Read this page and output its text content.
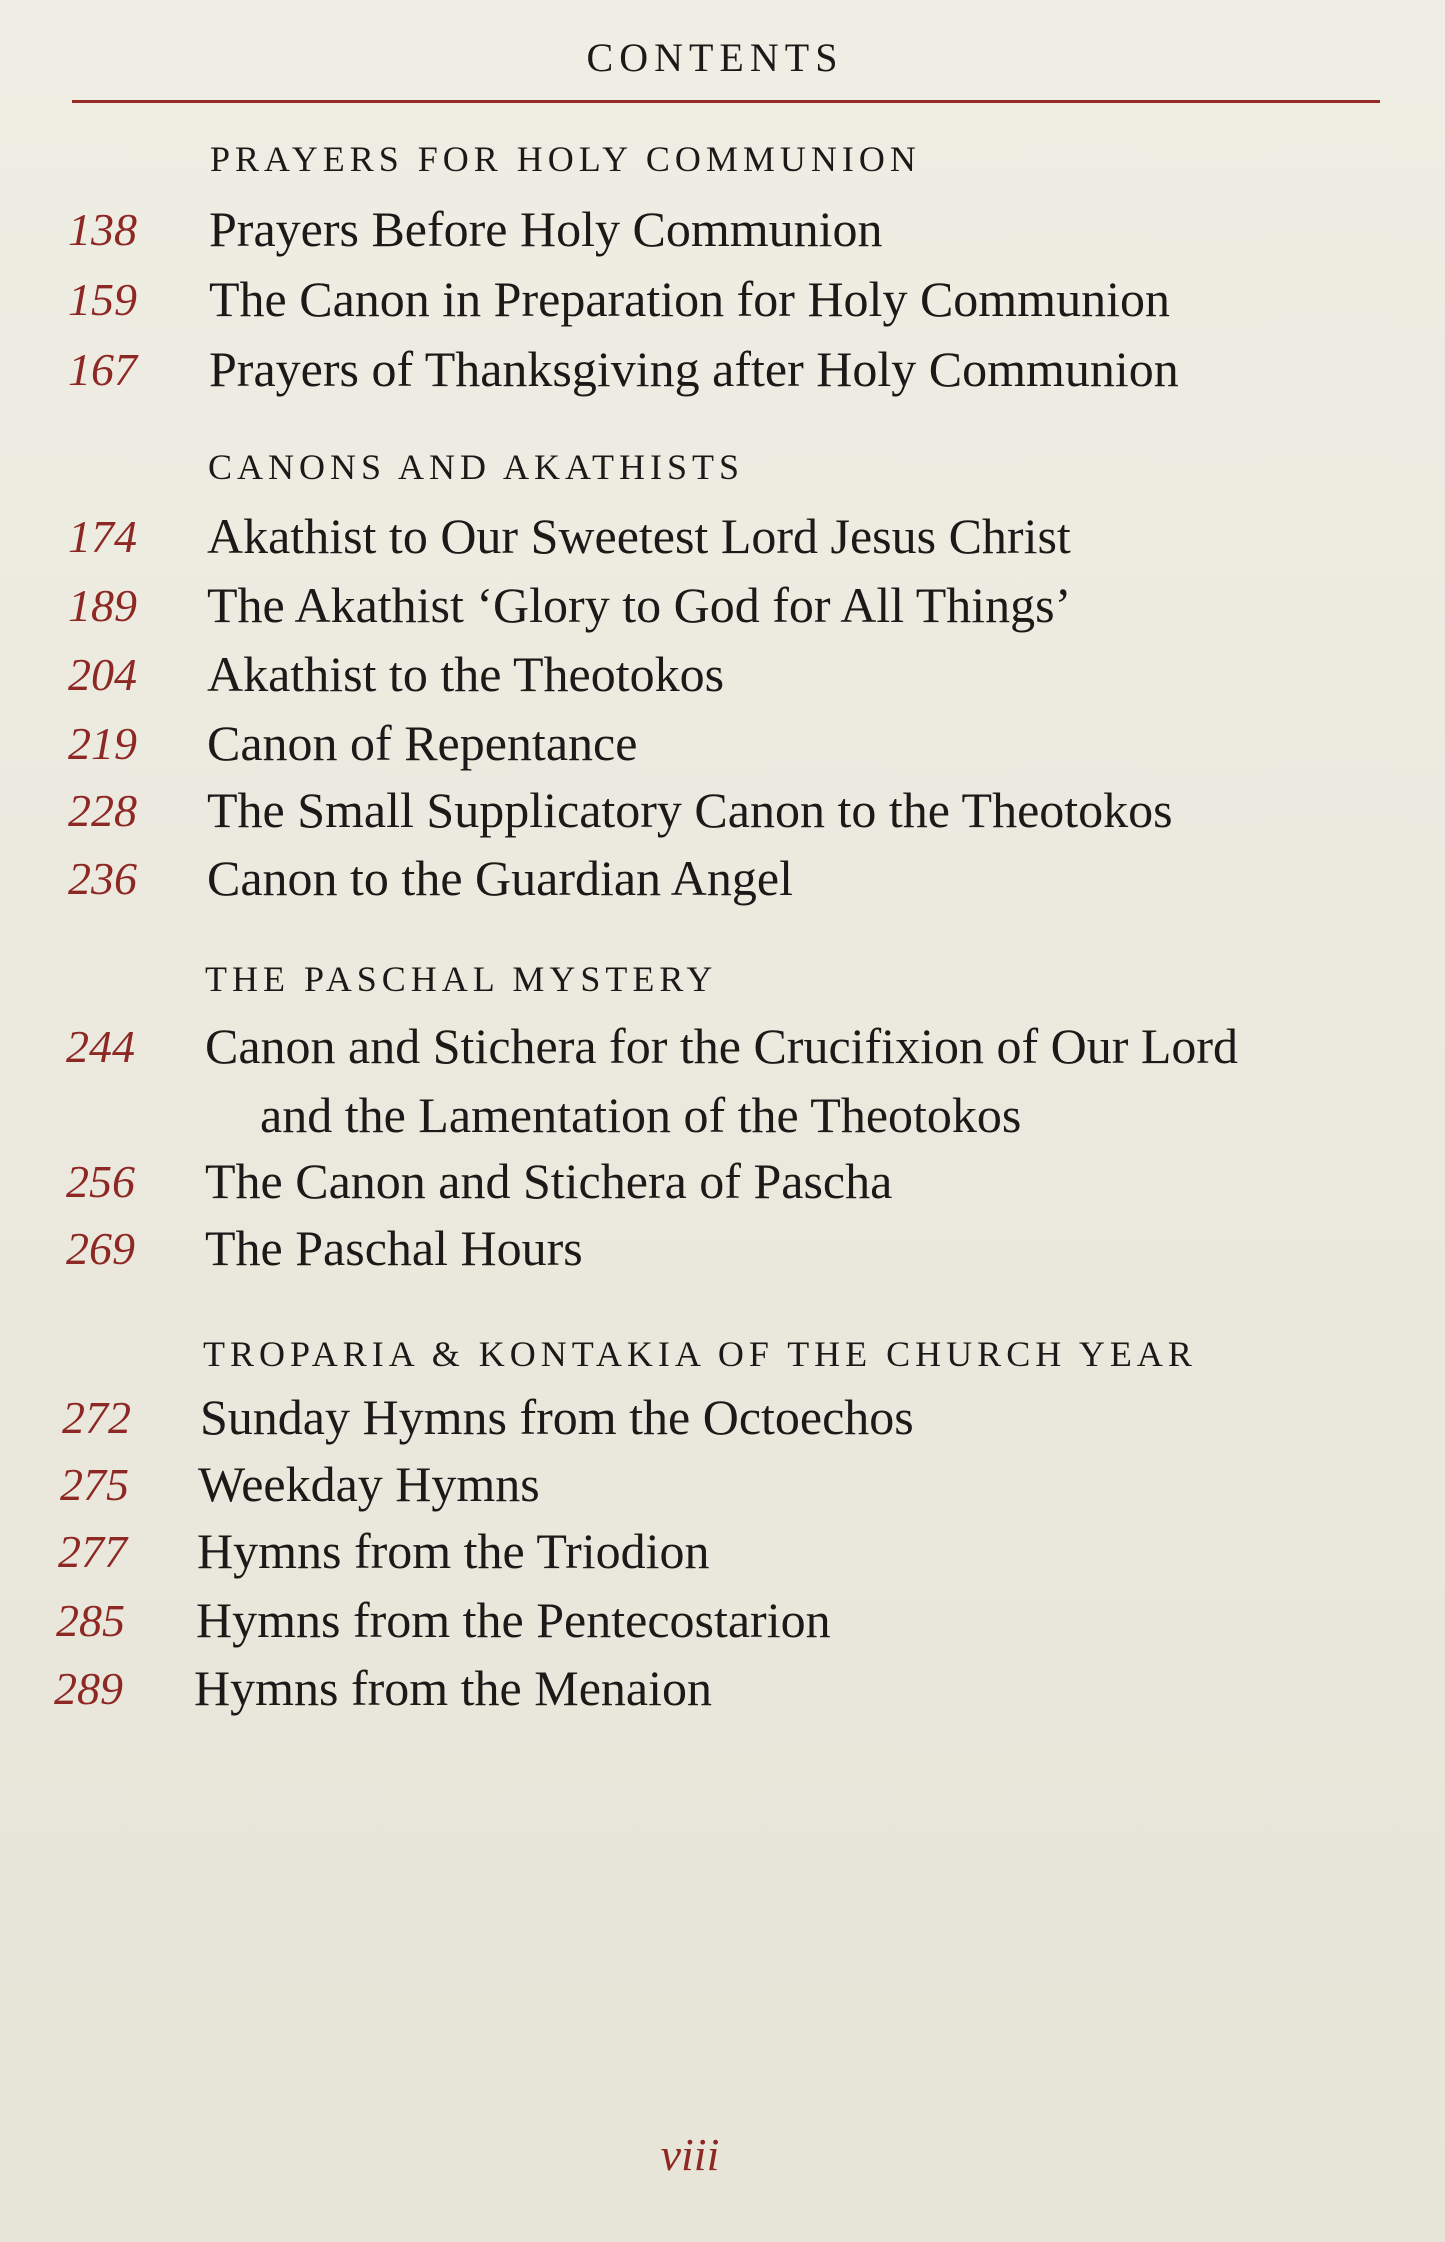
CONTENTS
PRAYERS FOR HOLY COMMUNION
138 Prayers Before Holy Communion
159 The Canon in Preparation for Holy Communion
167 Prayers of Thanksgiving after Holy Communion
CANONS AND AKATHISTS
174 Akathist to Our Sweetest Lord Jesus Christ
189 The Akathist ‘Glory to God for All Things’
204 Akathist to the Theotokos
219 Canon of Repentance
228 The Small Supplicatory Canon to the Theotokos
236 Canon to the Guardian Angel
THE PASCHAL MYSTERY
244 Canon and Stichera for the Crucifixion of Our Lord
and the Lamentation of the Theotokos
256 The Canon and Stichera of Pascha
269 The Paschal Hours
TROPARIA & KONTAKIA OF THE CHURCH YEAR
272 Sunday Hymns from the Octoechos
275 Weekday Hymns
277 Hymns from the Triodion
285 Hymns from the Pentecostarion
289 Hymns from the Menaion
viii
